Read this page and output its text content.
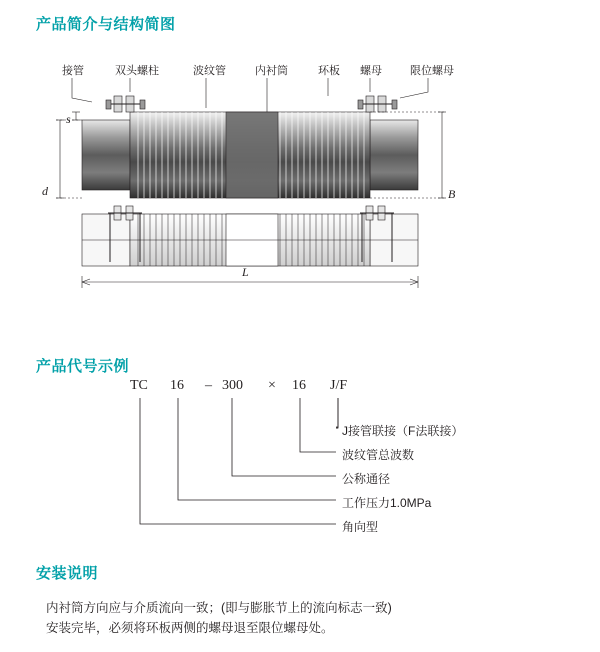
产品简介与结构简图
接管	双头螺柱	波纹管	内衬筒	环板 螺母	限位螺母
s
d	B
L
产品代号示例
TC 16 – 300 × 16 J/F
J接管联接（F法联接）
波纹管总波数
公称通径
工作压力1.0MPa
角向型
安装说明
内衬筒方向应与介质流向一致；(即与膨胀节上的流向标志一致)
安装完毕，必须将环板两侧的螺母退至限位螺母处。
